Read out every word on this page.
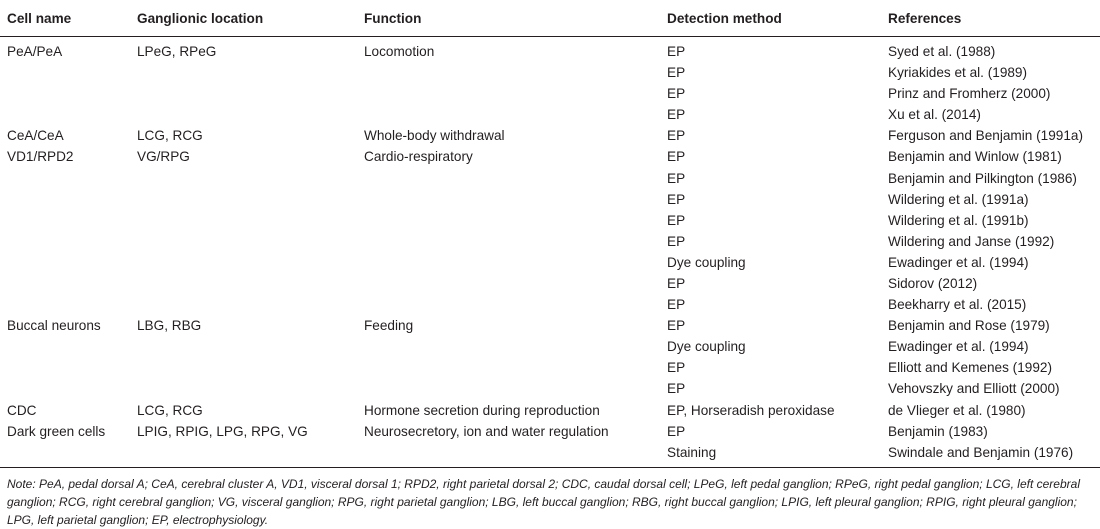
Cell name	Ganglionic location	Function	Detection method	References
PeA/PeA	LPeG, RPeG	Locomotion	EP	Syed et al. (1988)
			EP	Kyriakides et al. (1989)
			EP	Prinz and Fromherz (2000)
			EP	Xu et al. (2014)
CeA/CeA	LCG, RCG	Whole-body withdrawal	EP	Ferguson and Benjamin (1991a)
VD1/RPD2	VG/RPG	Cardio-respiratory	EP	Benjamin and Winlow (1981)
			EP	Benjamin and Pilkington (1986)
			EP	Wildering et al. (1991a)
			EP	Wildering et al. (1991b)
			EP	Wildering and Janse (1992)
			Dye coupling	Ewadinger et al. (1994)
			EP	Sidorov (2012)
			EP	Beekharry et al. (2015)
Buccal neurons	LBG, RBG	Feeding	EP	Benjamin and Rose (1979)
			Dye coupling	Ewadinger et al. (1994)
			EP	Elliott and Kemenes (1992)
			EP	Vehovszky and Elliott (2000)
CDC	LCG, RCG	Hormone secretion during reproduction	EP, Horseradish peroxidase	de Vlieger et al. (1980)
Dark green cells	LPIG, RPIG, LPG, RPG, VG	Neurosecretory, ion and water regulation	EP	Benjamin (1983)
			Staining	Swindale and Benjamin (1976)

Note: PeA, pedal dorsal A; CeA, cerebral cluster A, VD1, visceral dorsal 1; RPD2, right parietal dorsal 2; CDC, caudal dorsal cell; LPeG, left pedal ganglion; RPeG, right pedal ganglion; LCG, left cerebral ganglion; RCG, right cerebral ganglion; VG, visceral ganglion; RPG, right parietal ganglion; LBG, left buccal ganglion; RBG, right buccal ganglion; LPIG, left pleural ganglion; RPIG, right pleural ganglion; LPG, left parietal ganglion; EP, electrophysiology.
